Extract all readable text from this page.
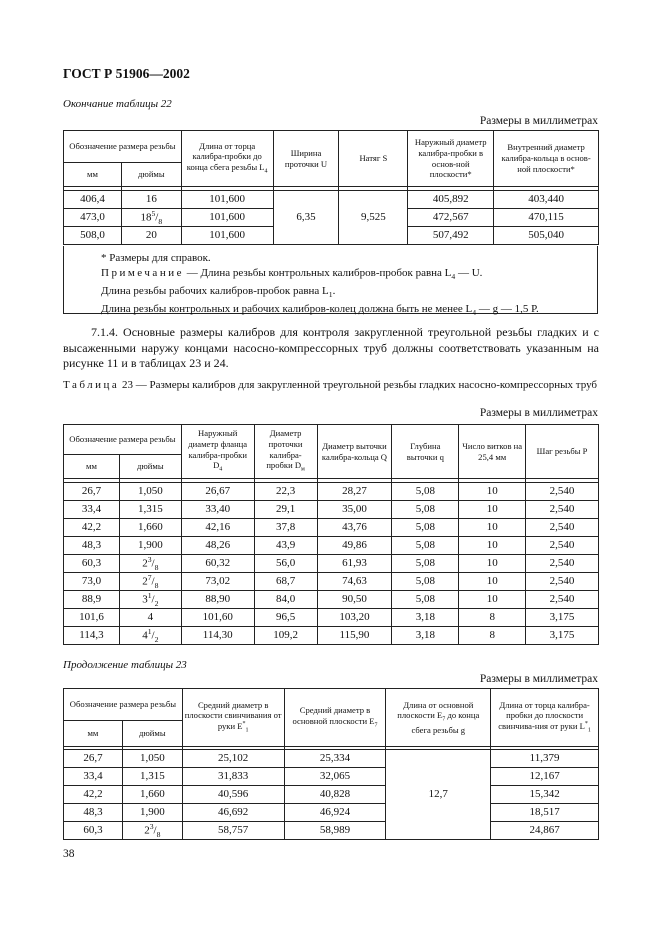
ГОСТ Р 51906—2002
Окончание таблицы 22
Размеры в миллиметрах
Обозначение размера резьбы		Длина от торца калибра-пробки до конца сбега резьбы $L_4$	Ширина проточки U	Натяг S	Наружный диаметр калибра-пробки в основ-ной плоскости*	Внутренний диаметр калибра-кольца в основ-ной плоскости*
мм	дюймы					

406,4	16	101,600	6,35	9,525	405,892	403,440
473,0	$18^5/_8$	101,600			472,567	470,115
508,0	20	101,600			507,492	505,040
* Размеры для справок.
Примечание — Длина резьбы контрольных калибров-пробок равна $L_4$ — U.
Длина резьбы рабочих калибров-пробок равна $L_1$.
Длина резьбы контрольных и рабочих калибров-колец должна быть не менее $L_4$ — g — 1,5 P.
7.1.4. Основные размеры калибров для контроля закругленной треугольной резьбы гладких и с высаженными наружу концами насосно-компрессорных труб должны соответствовать указанным на рисунке 11 и в таблицах 23 и 24.
Таблица 23 — Размеры калибров для закругленной треугольной резьбы гладких насосно-компрессорных труб
Размеры в миллиметрах
Обозначение размера резьбы		Наружный диаметр фланца калибра-пробки $D_4$	Диаметр проточки калибра-пробки $D_м$	Диаметр выточки калибра-кольца Q	Глубина выточки q	Число витков на 25,4 мм	Шаг резьбы P
мм	дюймы						

26,7	1,050	26,67	22,3	28,27	5,08	10	2,540
33,4	1,315	33,40	29,1	35,00	5,08	10	2,540
42,2	1,660	42,16	37,8	43,76	5,08	10	2,540
48,3	1,900	48,26	43,9	49,86	5,08	10	2,540
60,3	$2^3/_8$	60,32	56,0	61,93	5,08	10	2,540
73,0	$2^7/_8$	73,02	68,7	74,63	5,08	10	2,540
88,9	$3^1/_2$	88,90	84,0	90,50	5,08	10	2,540
101,6	4	101,60	96,5	103,20	3,18	8	3,175
114,3	$4^1/_2$	114,30	109,2	115,90	3,18	8	3,175
Продолжение таблицы 23
Размеры в миллиметрах
Обозначение размера резьбы		Средний диаметр в плоскости свинчивания от руки $E^*_1$	Средний диаметр в основной плоскости $E_7$	Длина от основной плоскости $E_7$ до конца сбега резьбы g	Длина от торца калибра-пробки до плоскости свинчива-ния от руки $L^*_1$
мм	дюймы				

26,7	1,050	25,102	25,334	12,7	11,379
33,4	1,315	31,833	32,065		12,167
42,2	1,660	40,596	40,828		15,342
48,3	1,900	46,692	46,924		18,517
60,3	$2^3/_8$	58,757	58,989		24,867
38
